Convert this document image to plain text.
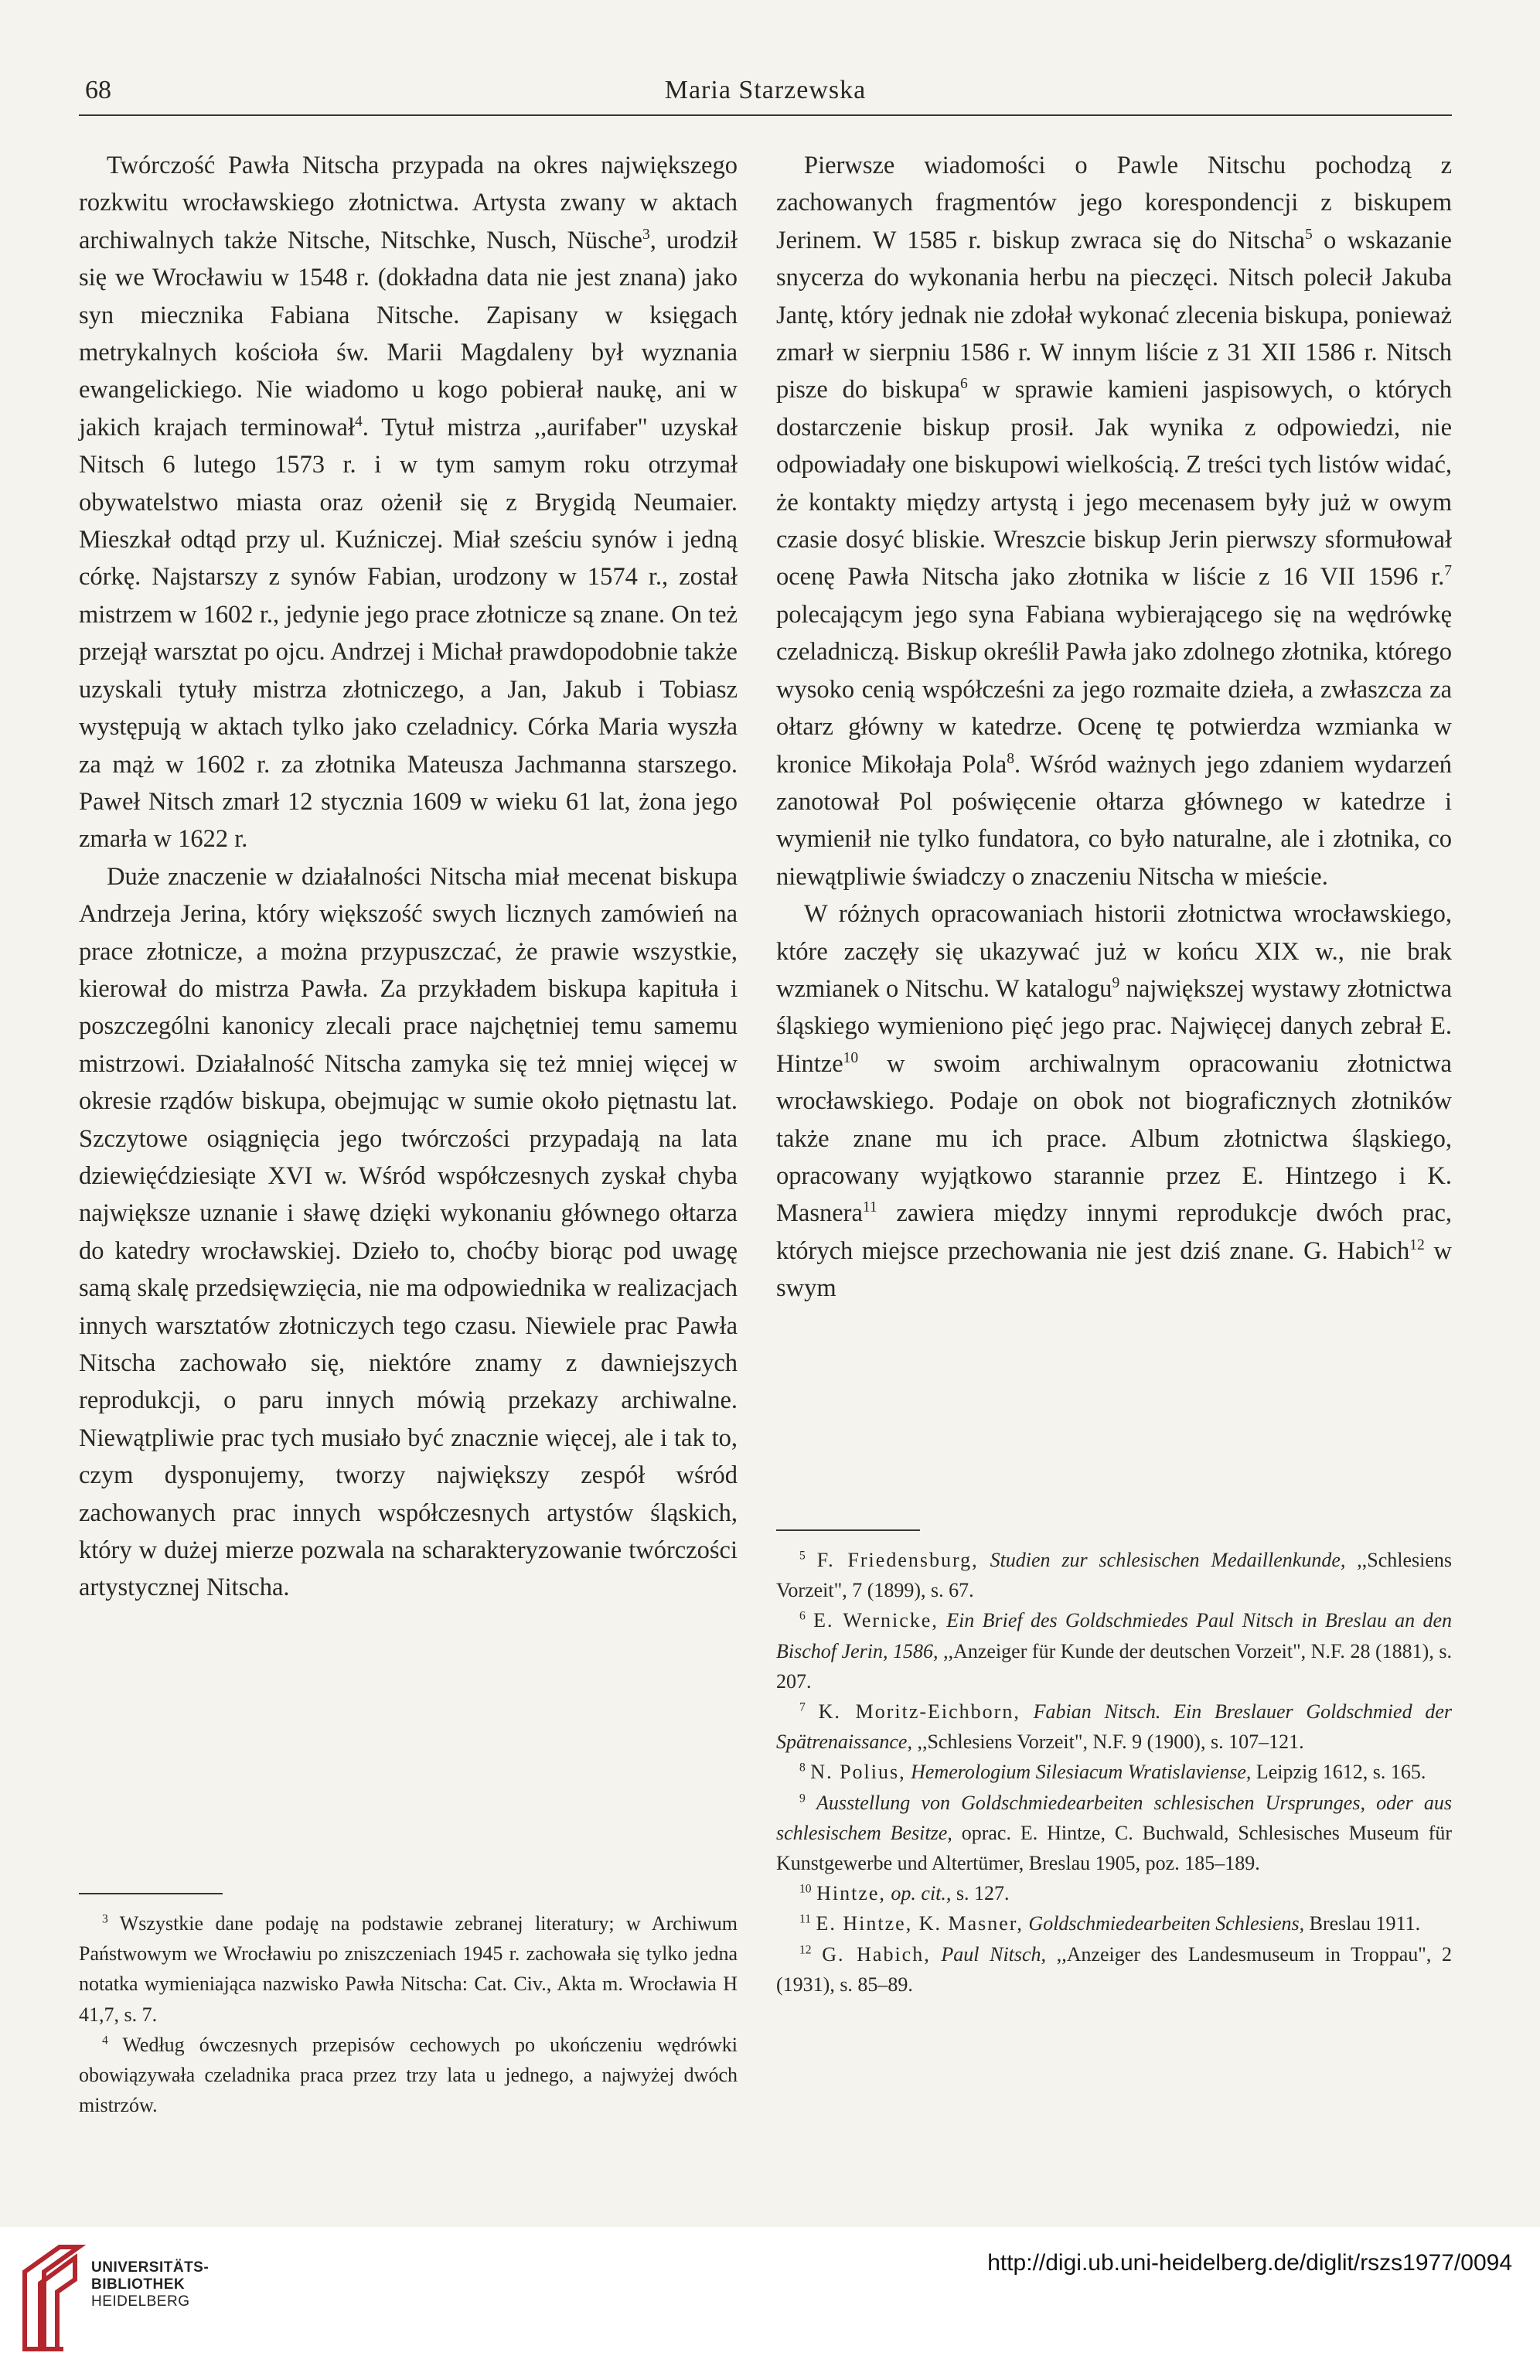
68	Maria Starzewska

Twórczość Pawła Nitscha przypada na okres największego rozkwitu wrocławskiego złotnictwa. Artysta zwany w aktach archiwalnych także Nitsche, Nitschke, Nusch, Nüsche$^3$, urodził się we Wrocławiu w 1548 r. (dokładna data nie jest znana) jako syn miecznika Fabiana Nitsche. Zapisany w księgach metrykalnych kościoła św. Marii Magdaleny był wyznania ewangelickiego. Nie wiadomo u kogo pobierał naukę, ani w jakich krajach terminował$^4$. Tytuł mistrza ,,aurifaber" uzyskał Nitsch 6 lutego 1573 r. i w tym samym roku otrzymał obywatelstwo miasta oraz ożenił się z Brygidą Neumaier. Mieszkał odtąd przy ul. Kuźniczej. Miał sześciu synów i jedną córkę. Najstarszy z synów Fabian, urodzony w 1574 r., został mistrzem w 1602 r., jedynie jego prace złotnicze są znane. On też przejął warsztat po ojcu. Andrzej i Michał prawdopodobnie także uzyskali tytuły mistrza złotniczego, a Jan, Jakub i Tobiasz występują w aktach tylko jako czeladnicy. Córka Maria wyszła za mąż w 1602 r. za złotnika Mateusza Jachmanna starszego. Paweł Nitsch zmarł 12 stycznia 1609 w wieku 61 lat, żona jego zmarła w 1622 r.

Duże znaczenie w działalności Nitscha miał mecenat biskupa Andrzeja Jerina, który większość swych licznych zamówień na prace złotnicze, a można przypuszczać, że prawie wszystkie, kierował do mistrza Pawła. Za przykładem biskupa kapituła i poszczególni kanonicy zlecali prace najchętniej temu samemu mistrzowi. Działalność Nitscha zamyka się też mniej więcej w okresie rządów biskupa, obejmując w sumie około piętnastu lat. Szczytowe osiągnięcia jego twórczości przypadają na lata dziewięćdziesiąte XVI w. Wśród współczesnych zyskał chyba największe uznanie i sławę dzięki wykonaniu głównego ołtarza do katedry wrocławskiej. Dzieło to, choćby biorąc pod uwagę samą skalę przedsięwzięcia, nie ma odpowiednika w realizacjach innych warsztatów złotniczych tego czasu. Niewiele prac Pawła Nitscha zachowało się, niektóre znamy z dawniejszych reprodukcji, o paru innych mówią przekazy archiwalne. Niewątpliwie prac tych musiało być znacznie więcej, ale i tak to, czym dysponujemy, tworzy największy zespół wśród zachowanych prac innych współczesnych artystów śląskich, który w dużej mierze pozwala na scharakteryzowanie twórczości artystycznej Nitscha.

Pierwsze wiadomości o Pawle Nitschu pochodzą z zachowanych fragmentów jego korespondencji z biskupem Jerinem. W 1585 r. biskup zwraca się do Nitscha$^5$ o wskazanie snycerza do wykonania herbu na pieczęci. Nitsch polecił Jakuba Jantę, który jednak nie zdołał wykonać zlecenia biskupa, ponieważ zmarł w sierpniu 1586 r. W innym liście z 31 XII 1586 r. Nitsch pisze do biskupa$^6$ w sprawie kamieni jaspisowych, o których dostarczenie biskup prosił. Jak wynika z odpowiedzi, nie odpowiadały one biskupowi wielkością. Z treści tych listów widać, że kontakty między artystą i jego mecenasem były już w owym czasie dosyć bliskie. Wreszcie biskup Jerin pierwszy sformułował ocenę Pawła Nitscha jako złotnika w liście z 16 VII 1596 r.$^7$ polecającym jego syna Fabiana wybierającego się na wędrówkę czeladniczą. Biskup określił Pawła jako zdolnego złotnika, którego wysoko cenią współcześni za jego rozmaite dzieła, a zwłaszcza za ołtarz główny w katedrze. Ocenę tę potwierdza wzmianka w kronice Mikołaja Pola$^8$. Wśród ważnych jego zdaniem wydarzeń zanotował Pol poświęcenie ołtarza głównego w katedrze i wymienił nie tylko fundatora, co było naturalne, ale i złotnika, co niewątpliwie świadczy o znaczeniu Nitscha w mieście.

W różnych opracowaniach historii złotnictwa wrocławskiego, które zaczęły się ukazywać już w końcu XIX w., nie brak wzmianek o Nitschu. W katalogu$^9$ największej wystawy złotnictwa śląskiego wymieniono pięć jego prac. Najwięcej danych zebrał E. Hintze$^{10}$ w swoim archiwalnym opracowaniu złotnictwa wrocławskiego. Podaje on obok not biograficznych złotników także znane mu ich prace. Album złotnictwa śląskiego, opracowany wyjątkowo starannie przez E. Hintzego i K. Masnera$^{11}$ zawiera między innymi reprodukcje dwóch prac, których miejsce przechowania nie jest dziś znane. G. Habich$^{12}$ w swym

$^3$ Wszystkie dane podaję na podstawie zebranej literatury; w Archiwum Państwowym we Wrocławiu po zniszczeniach 1945 r. zachowała się tylko jedna notatka wymieniająca nazwisko Pawła Nitscha: Cat. Civ., Akta m. Wrocławia H 41,7, s. 7.

$^4$ Według ówczesnych przepisów cechowych po ukończeniu wędrówki obowiązywała czeladnika praca przez trzy lata u jednego, a najwyżej dwóch mistrzów.

$^5$ F. Friedensburg, Studien zur schlesischen Medaillenkunde, ,,Schlesiens Vorzeit", 7 (1899), s. 67.

$^6$ E. Wernicke, Ein Brief des Goldschmiedes Paul Nitsch in Breslau an den Bischof Jerin, 1586, ,,Anzeiger für Kunde der deutschen Vorzeit", N.F. 28 (1881), s. 207.

$^7$ K. Moritz-Eichborn, Fabian Nitsch. Ein Breslauer Goldschmied der Spätrenaissance, ,,Schlesiens Vorzeit", N.F. 9 (1900), s. 107–121.

$^8$ N. Polius, Hemerologium Silesiacum Wratislaviense, Leipzig 1612, s. 165.

$^9$ Ausstellung von Goldschmiedearbeiten schlesischen Ursprunges, oder aus schlesischem Besitze, oprac. E. Hintze, C. Buchwald, Schlesisches Museum für Kunstgewerbe und Altertümer, Breslau 1905, poz. 185–189.

$^{10}$ Hintze, op. cit., s. 127.

$^{11}$ E. Hintze, K. Masner, Goldschmiedearbeiten Schlesiens, Breslau 1911.

$^{12}$ G. Habich, Paul Nitsch, ,,Anzeiger des Landesmuseum in Troppau", 2 (1931), s. 85–89.

UNIVERSITÄTS-
BIBLIOTHEK
HEIDELBERG
http://digi.ub.uni-heidelberg.de/diglit/rszs1977/0094
